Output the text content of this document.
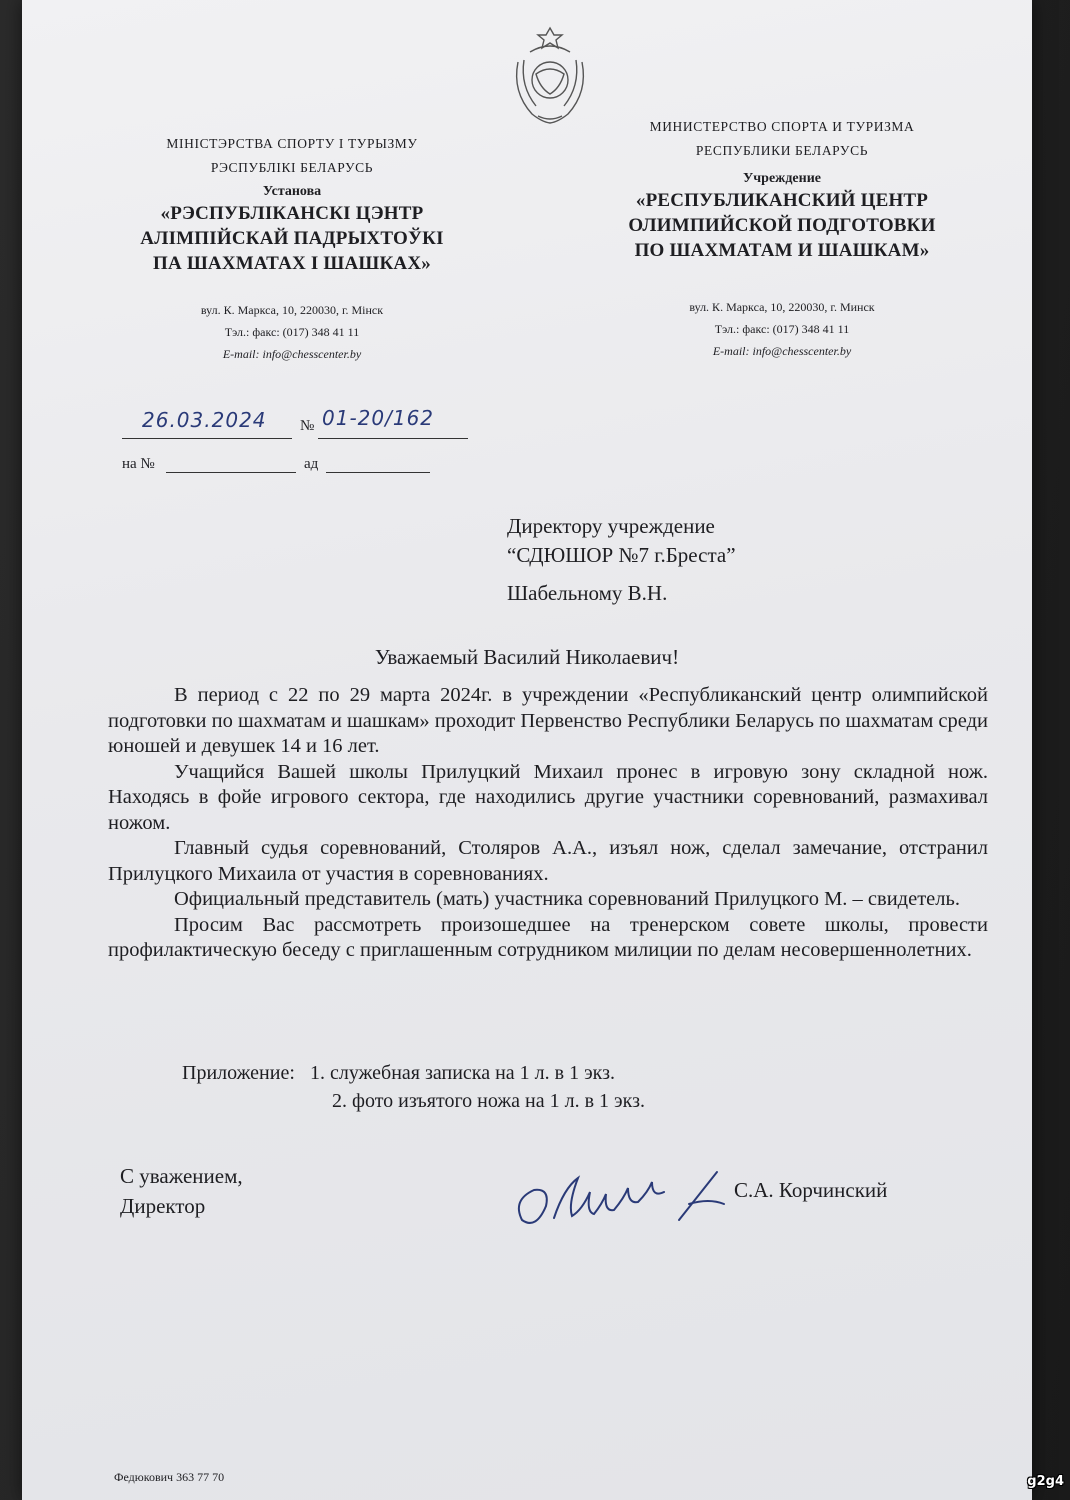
МІНІСТЭРСТВА СПОРТУ І ТУРЫЗМУ
РЭСПУБЛІКІ БЕЛАРУСЬ
Установа
«РЭСПУБЛІКАНСКІ ЦЭНТР
АЛІМПІЙСКАЙ ПАДРЫХТОЎКІ
ПА ШАХМАТАХ І ШАШКАХ»
вул. К. Маркса, 10, 220030, г. Мінск
Тэл.: факс: (017) 348 41 11
E-mail: info@chesscenter.by
МИНИСТЕРСТВО СПОРТА И ТУРИЗМА
РЕСПУБЛИКИ БЕЛАРУСЬ
Учреждение
«РЕСПУБЛИКАНСКИЙ ЦЕНТР
ОЛИМПИЙСКОЙ ПОДГОТОВКИ
ПО ШАХМАТАМ И ШАШКАМ»
вул. К. Маркса, 10, 220030, г. Минск
Тэл.: факс: (017) 348 41 11
E-mail: info@chesscenter.by
26.03.2024 № 01-20/162
на №	ад
Директору учреждение
“СДЮШОР №7 г.Бреста”
Шабельному В.Н.
Уважаемый Василий Николаевич!

В период с 22 по 29 марта 2024г. в учреждении «Республиканский центр олимпийской подготовки по шахматам и шашкам» проходит Первенство Республики Беларусь по шахматам среди юношей и девушек 14 и 16 лет.

Учащийся Вашей школы Прилуцкий Михаил пронес в игровую зону складной нож. Находясь в фойе игрового сектора, где находились другие участники соревнований, размахивал ножом.

Главный судья соревнований, Столяров А.А., изъял нож, сделал замечание, отстранил Прилуцкого Михаила от участия в соревнованиях.

Официальный представитель (мать) участника соревнований Прилуцкого М. – свидетель.

Просим Вас рассмотреть произошедшее на тренерском совете школы, провести профилактическую беседу с приглашенным сотрудником милиции по делам несовершеннолетних.

Приложение: 1. служебная записка на 1 л. в 1 экз.
2. фото изъятого ножа на 1 л. в 1 экз.
С уважением,
Директор
С.А. Корчинский
Федюкович 363 77 70	g2g4
